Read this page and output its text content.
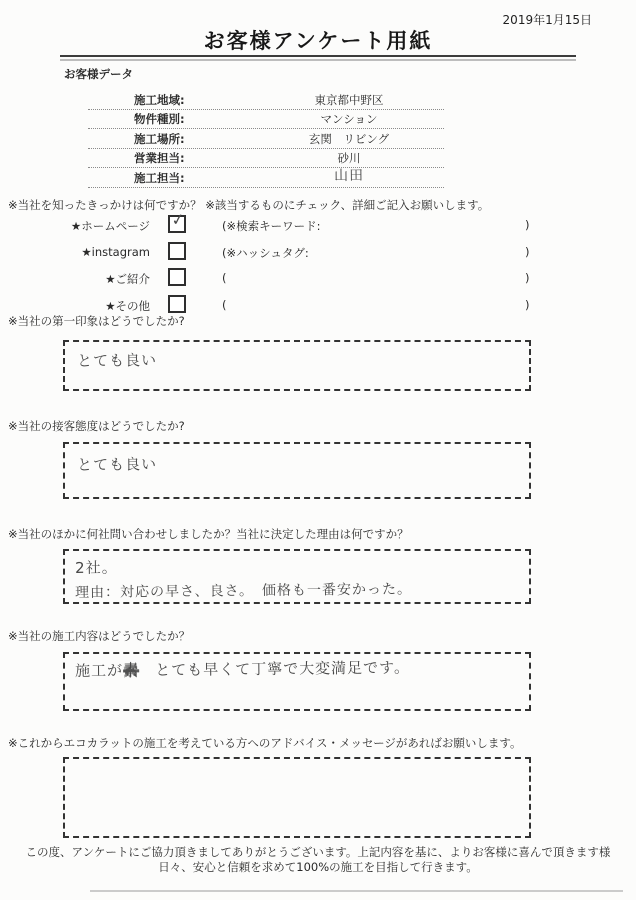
2019年1月15日
お客様アンケート用紙
お客様データ
施工地域:	東京都中野区
物件種別:	マンション
施工場所:	玄関　リビング
営業担当:	砂川
施工担当:	山田
※当社を知ったきっかけは何ですか？ ※該当するものにチェック、詳細ご記入お願いします。
★ホームページ ✓	(※検索キーワード:	)
★instagram	(※ハッシュタグ:	)
★ご紹介	(	)
★その他	(	)
※当社の第一印象はどうでしたか?
とても良い
※当社の接客態度はどうでしたか?
とても良い
※当社のほかに何社問い合わせしましたか？当社に決定した理由は何ですか？
2社。
理由：対応の早さ、良さ。　価格も一番安かった。
※当社の施工内容はどうでしたか？
施工が素　とても早くて丁寧で大変満足です。
※これからエコカラットの施工を考えている方へのアドバイス・メッセージがあればお願いします。
この度、アンケートにご協力頂きましてありがとうございます。上記内容を基に、よりお客様に喜んで頂きます様
日々、安心と信頼を求めて100%の施工を目指して行きます。
